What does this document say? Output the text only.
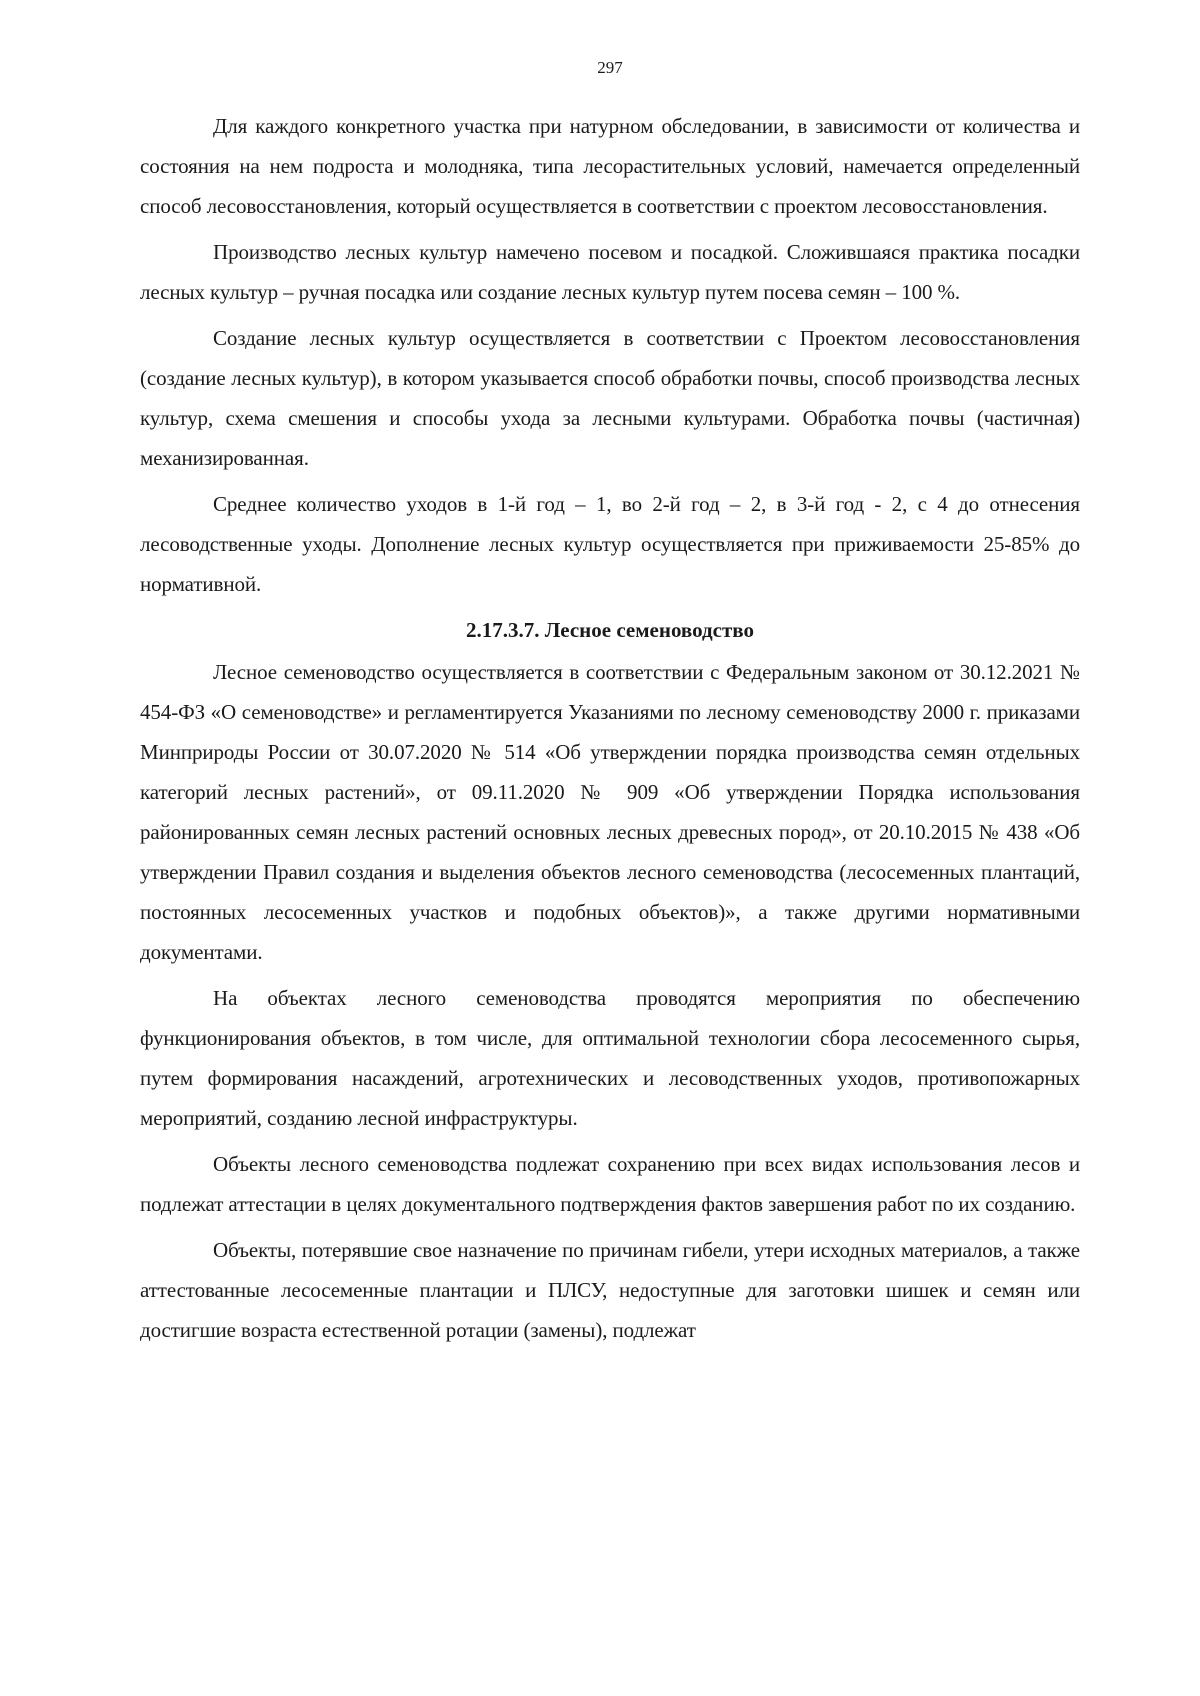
297

Для каждого конкретного участка при натурном обследовании, в зависимости от количества и состояния на нем подроста и молодняка, типа лесорастительных условий, намечается определенный способ лесовосстановления, который осуществляется в соответствии с проектом лесовосстановления.

Производство лесных культур намечено посевом и посадкой. Сложившаяся практика посадки лесных культур – ручная посадка или создание лесных культур путем посева семян – 100 %.

Создание лесных культур осуществляется в соответствии с Проектом лесовосстановления (создание лесных культур), в котором указывается способ обработки почвы, способ производства лесных культур, схема смешения и способы ухода за лесными культурами. Обработка почвы (частичная) механизированная.

Среднее количество уходов в 1-й год – 1, во 2-й год – 2, в 3-й год - 2, с 4 до отнесения лесоводственные уходы. Дополнение лесных культур осуществляется при приживаемости 25-85% до нормативной.

2.17.3.7. Лесное семеноводство

Лесное семеноводство осуществляется в соответствии с Федеральным законом от 30.12.2021 № 454-ФЗ «О семеноводстве» и регламентируется Указаниями по лесному семеноводству 2000 г. приказами Минприроды России от 30.07.2020 № 514 «Об утверждении порядка производства семян отдельных категорий лесных растений», от 09.11.2020 № 909 «Об утверждении Порядка использования районированных семян лесных растений основных лесных древесных пород», от 20.10.2015 № 438 «Об утверждении Правил создания и выделения объектов лесного семеноводства (лесосеменных плантаций, постоянных лесосеменных участков и подобных объектов)», а также другими нормативными документами.

На объектах лесного семеноводства проводятся мероприятия по обеспечению функционирования объектов, в том числе, для оптимальной технологии сбора лесосеменного сырья, путем формирования насаждений, агротехнических и лесоводственных уходов, противопожарных мероприятий, созданию лесной инфраструктуры.

Объекты лесного семеноводства подлежат сохранению при всех видах использования лесов и подлежат аттестации в целях документального подтверждения фактов завершения работ по их созданию.

Объекты, потерявшие свое назначение по причинам гибели, утери исходных материалов, а также аттестованные лесосеменные плантации и ПЛСУ, недоступные для заготовки шишек и семян или достигшие возраста естественной ротации (замены), подлежат
